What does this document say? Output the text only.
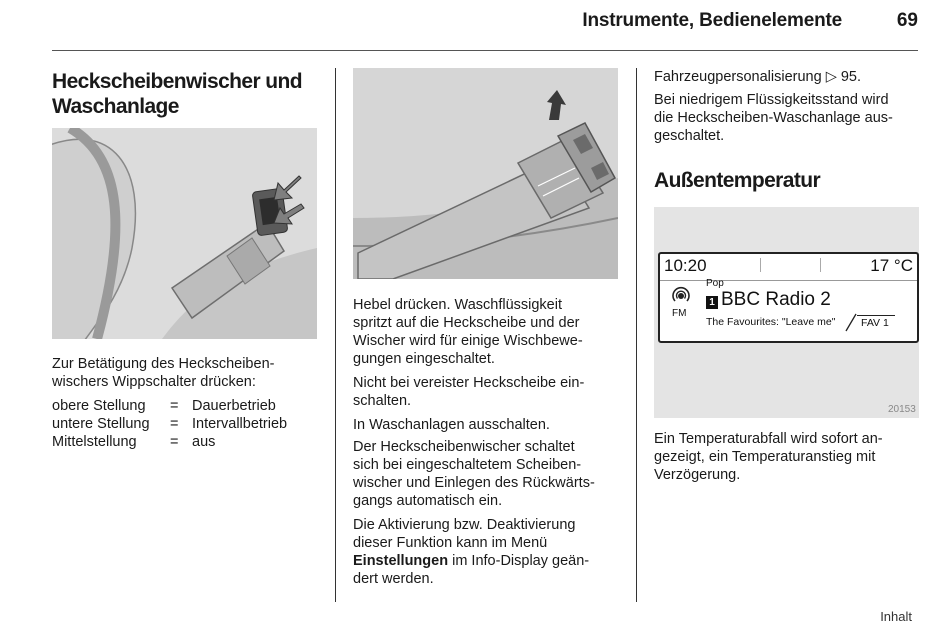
Instrumente, Bedienelemente	69
Heckscheibenwischer und
Waschanlage
Zur Betätigung des Heckscheiben-
wischers Wippschalter drücken:
obere Stellung	=	Dauerbetrieb
untere Stellung	=	Intervallbetrieb
Mittelstellung	=	aus
Hebel drücken. Waschflüssigkeit
spritzt auf die Heckscheibe und der
Wischer wird für einige Wischbewe-
gungen eingeschaltet.
Nicht bei vereister Heckscheibe ein-
schalten.
In Waschanlagen ausschalten.
Der Heckscheibenwischer schaltet
sich bei eingeschaltetem Scheiben-
wischer und Einlegen des Rückwärts-
gangs automatisch ein.
Die Aktivierung bzw. Deaktivierung
dieser Funktion kann im Menü
Einstellungen im Info-Display geän-
dert werden.
Fahrzeugpersonalisierung ▷ 95.
Bei niedrigem Flüssigkeitsstand wird
die Heckscheiben-Waschanlage aus-
geschaltet.
Außentemperatur
10:20	17 °C
Pop
FM
1 BBC Radio 2
The Favourites: "Leave me"	FAV 1
20153
Ein Temperaturabfall wird sofort an-
gezeigt, ein Temperaturanstieg mit
Verzögerung.
Inhalt
